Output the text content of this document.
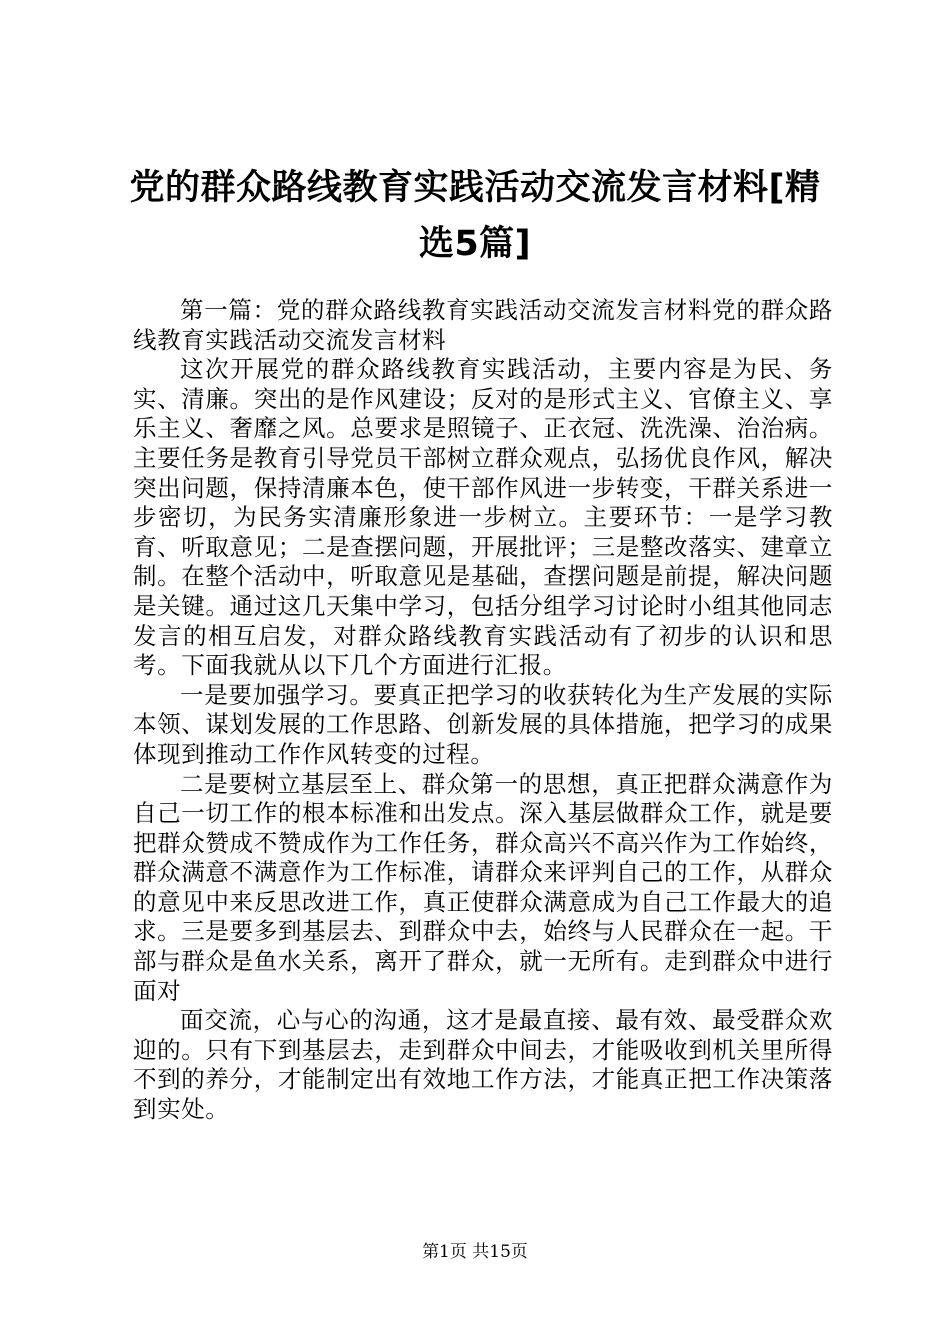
党的群众路线教育实践活动交流发言材料[精选5篇]

第一篇：党的群众路线教育实践活动交流发言材料党的群众路线教育实践活动交流发言材料

这次开展党的群众路线教育实践活动，主要内容是为民、务实、清廉。突出的是作风建设；反对的是形式主义、官僚主义、享乐主义、奢靡之风。总要求是照镜子、正衣冠、洗洗澡、治治病。主要任务是教育引导党员干部树立群众观点，弘扬优良作风，解决突出问题，保持清廉本色，使干部作风进一步转变，干群关系进一步密切，为民务实清廉形象进一步树立。主要环节：一是学习教育、听取意见；二是查摆问题，开展批评；三是整改落实、建章立制。在整个活动中，听取意见是基础，查摆问题是前提，解决问题是关键。通过这几天集中学习，包括分组学习讨论时小组其他同志发言的相互启发，对群众路线教育实践活动有了初步的认识和思考。下面我就从以下几个方面进行汇报。

一是要加强学习。要真正把学习的收获转化为生产发展的实际本领、谋划发展的工作思路、创新发展的具体措施，把学习的成果体现到推动工作作风转变的过程。

二是要树立基层至上、群众第一的思想，真正把群众满意作为自己一切工作的根本标准和出发点。深入基层做群众工作，就是要把群众赞成不赞成作为工作任务，群众高兴不高兴作为工作始终，群众满意不满意作为工作标准，请群众来评判自己的工作，从群众的意见中来反思改进工作，真正使群众满意成为自己工作最大的追求。三是要多到基层去、到群众中去，始终与人民群众在一起。干部与群众是鱼水关系，离开了群众，就一无所有。走到群众中进行面对

面交流，心与心的沟通，这才是最直接、最有效、最受群众欢迎的。只有下到基层去，走到群众中间去，才能吸收到机关里所得不到的养分，才能制定出有效地工作方法，才能真正把工作决策落到实处。

第1页 共15页
